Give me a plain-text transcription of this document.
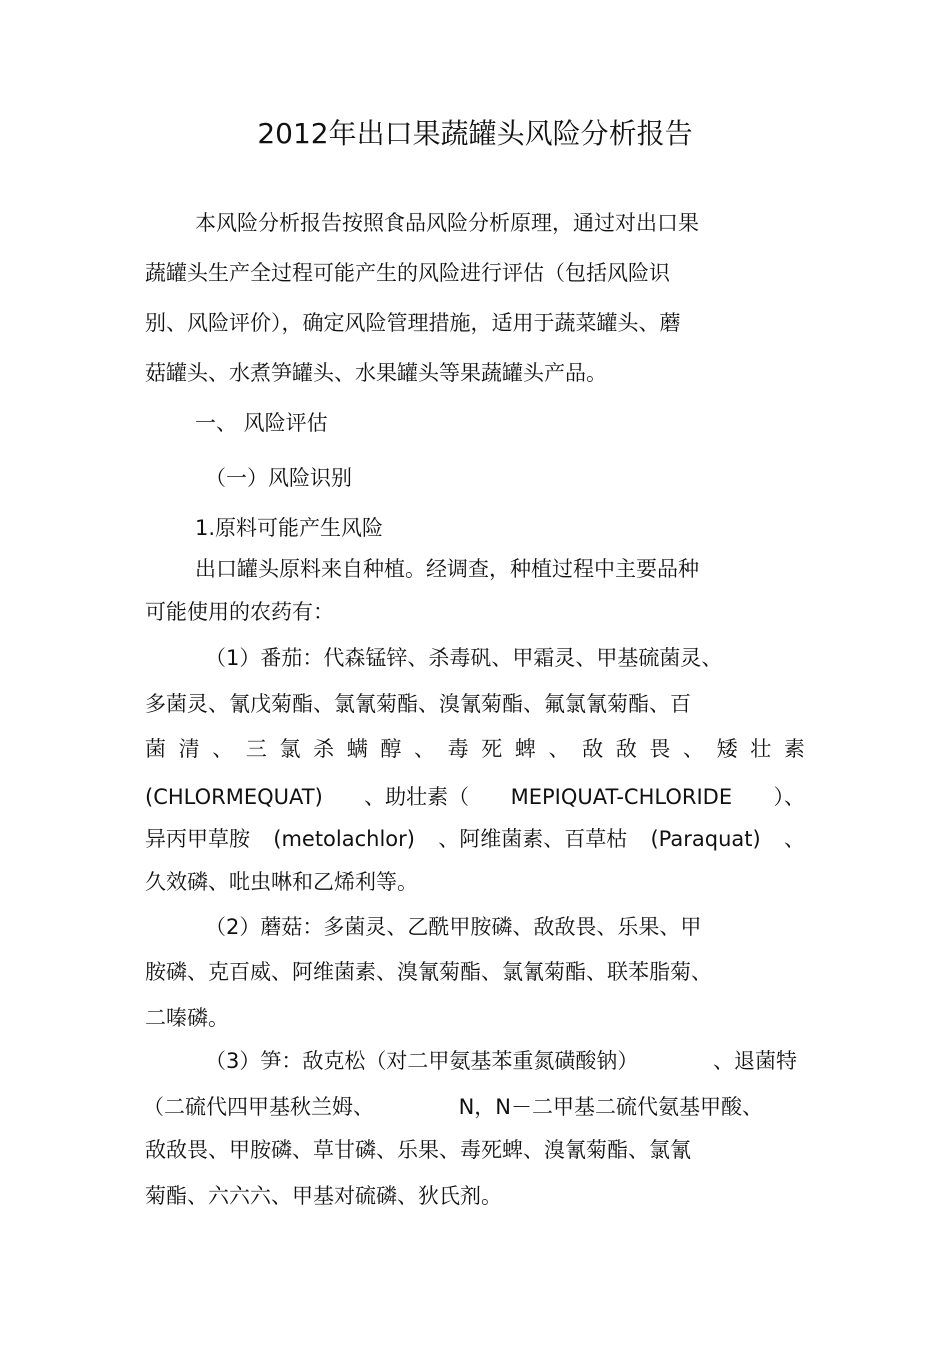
2012年出口果蔬罐头风险分析报告
本风险分析报告按照食品风险分析原理，通过对出口果
蔬罐头生产全过程可能产生的风险进行评估（包括风险识
别、风险评价），确定风险管理措施，适用于蔬菜罐头、蘑
菇罐头、水煮笋罐头、水果罐头等果蔬罐头产品。
一、 风险评估
（一）风险识别
1.原料可能产生风险
出口罐头原料来自种植。经调查，种植过程中主要品种
可能使用的农药有：
（1）番茄：代森锰锌、杀毒矾、甲霜灵、甲基硫菌灵、
多菌灵、氰戊菊酯、氯氰菊酯、溴氰菊酯、氟氯氰菊酯、百
菌 清 、 三 氯 杀 螨 醇 、 毒 死 蜱 、 敌 敌 畏 、 矮 壮 素
(CHLORMEQUAT) 、助壮素（ MEPIQUAT-CHLORIDE ）、
异丙甲草胺 (metolachlor) 、阿维菌素、百草枯 (Paraquat) 、
久效磷、吡虫啉和乙烯利等。
（2）蘑菇：多菌灵、乙酰甲胺磷、敌敌畏、乐果、甲
胺磷、克百威、阿维菌素、溴氰菊酯、氯氰菊酯、联苯脂菊、
二嗪磷。
（3）笋：敌克松（对二甲氨基苯重氮磺酸钠）	、退菌特
（二硫代四甲基秋兰姆、	N，N－二甲基二硫代氨基甲酸、
敌敌畏、甲胺磷、草甘磷、乐果、毒死蜱、溴氰菊酯、氯氰
菊酯、六六六、甲基对硫磷、狄氏剂。
